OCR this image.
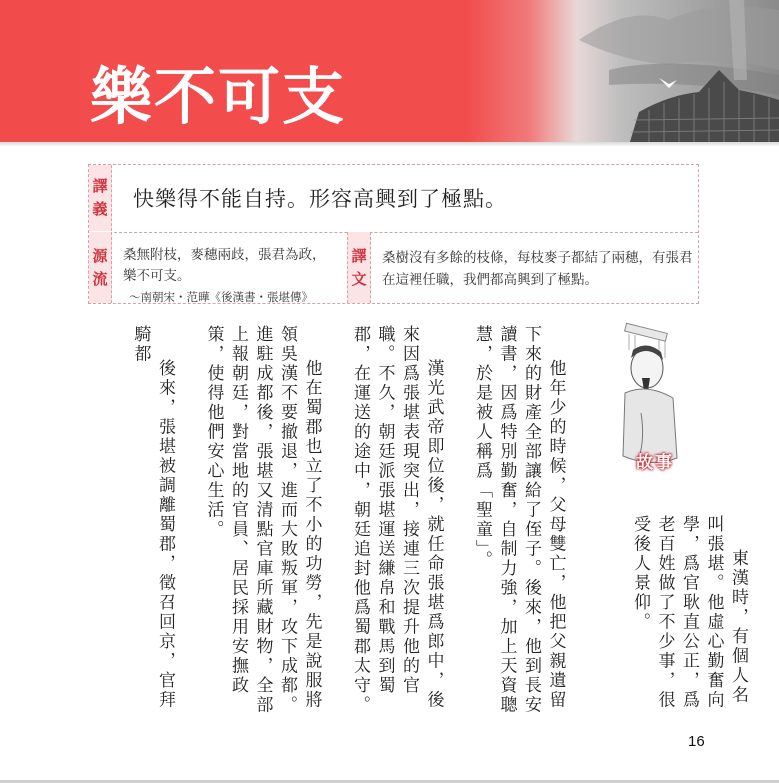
樂不可支
譯
義 快樂得不能自持。形容高興到了極點。
源
流
桑無附枝，麥穗兩歧，張君為政，樂不可支。
〜南朝宋・范曄《後漢書・張堪傳》
譯
文
桑樹沒有多餘的枝條，每枝麥子都結了兩穗，有張君在這裡任職，我們都高興到了極點。
故事

東漢時，有個人名叫張堪。他虛心勤奮向學，爲官耿直公正，爲老百姓做了不少事，很受後人景仰。

他年少的時候，父母雙亡，他把父親遺留下來的財產全部讓給了侄子。後來，他到長安讀書，因爲特別勤奮，自制力強，加上天資聰慧，於是被人稱爲「聖童」。

漢光武帝即位後，就任命張堪爲郎中，後來因爲張堪表現突出，接連三次提升他的官職。不久，朝廷派張堪運送縑帛和戰馬到蜀郡，在運送的途中，朝廷追封他爲蜀郡太守。

他在蜀郡也立了不小的功勞，先是說服將領吳漢不要撤退，進而大敗叛軍，攻下成都。進駐成都後，張堪又清點官庫所藏財物，全部上報朝廷，對當地的官員、居民採用安撫政策，使得他們安心生活。

後來，張堪被調離蜀郡，徵召回京，官拜騎都

16
